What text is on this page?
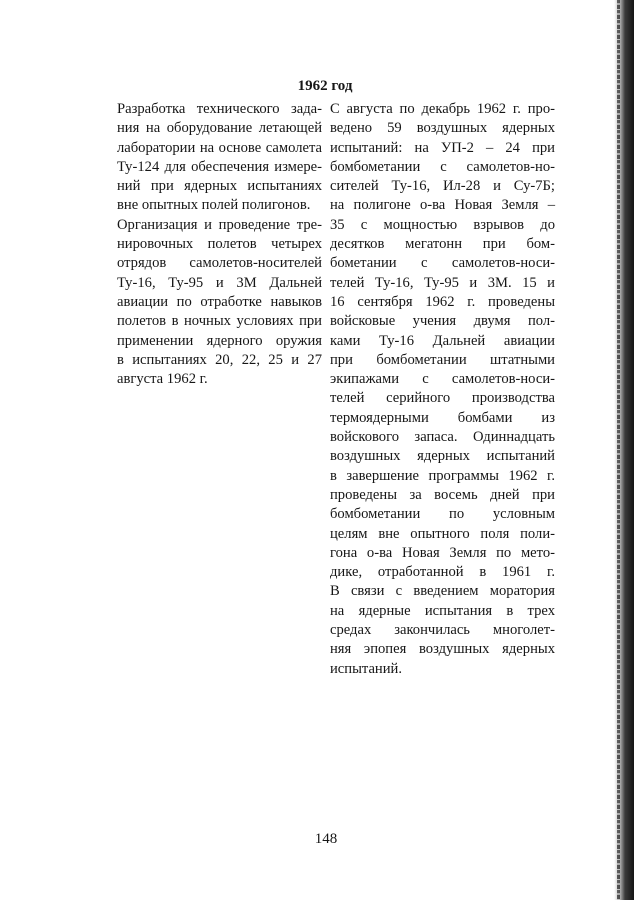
1962 год
Разработка технического зада-
ния на оборудование летающей
лаборатории на основе самолета
Ту-124 для обеспечения измере-
ний при ядерных испытаниях
вне опытных полей полигонов.
Организация и проведение тре-
нировочных полетов четырех
отрядов самолетов-носителей
Ту-16, Ту-95 и 3М Дальней
авиации по отработке навыков
полетов в ночных условиях при
применении ядерного оружия
в испытаниях 20, 22, 25 и 27
августа 1962 г.
С августа по декабрь 1962 г. про-
ведено 59 воздушных ядерных
испытаний: на УП-2 – 24 при
бомбометании с самолетов-но-
сителей Ту-16, Ил-28 и Су-7Б;
на полигоне о-ва Новая Земля –
35 с мощностью взрывов до
десятков мегатонн при бом-
бометании с самолетов-носи-
телей Ту-16, Ту-95 и 3М. 15 и
16 сентября 1962 г. проведены
войсковые учения двумя пол-
ками Ту-16 Дальней авиации
при бомбометании штатными
экипажами с самолетов-носи-
телей серийного производства
термоядерными бомбами из
войскового запаса. Одиннадцать
воздушных ядерных испытаний
в завершение программы 1962 г.
проведены за восемь дней при
бомбометании по условным
целям вне опытного поля поли-
гона о-ва Новая Земля по мето-
дике, отработанной в 1961 г.
В связи с введением моратория
на ядерные испытания в трех
средах закончилась многолет-
няя эпопея воздушных ядерных
испытаний.
148
